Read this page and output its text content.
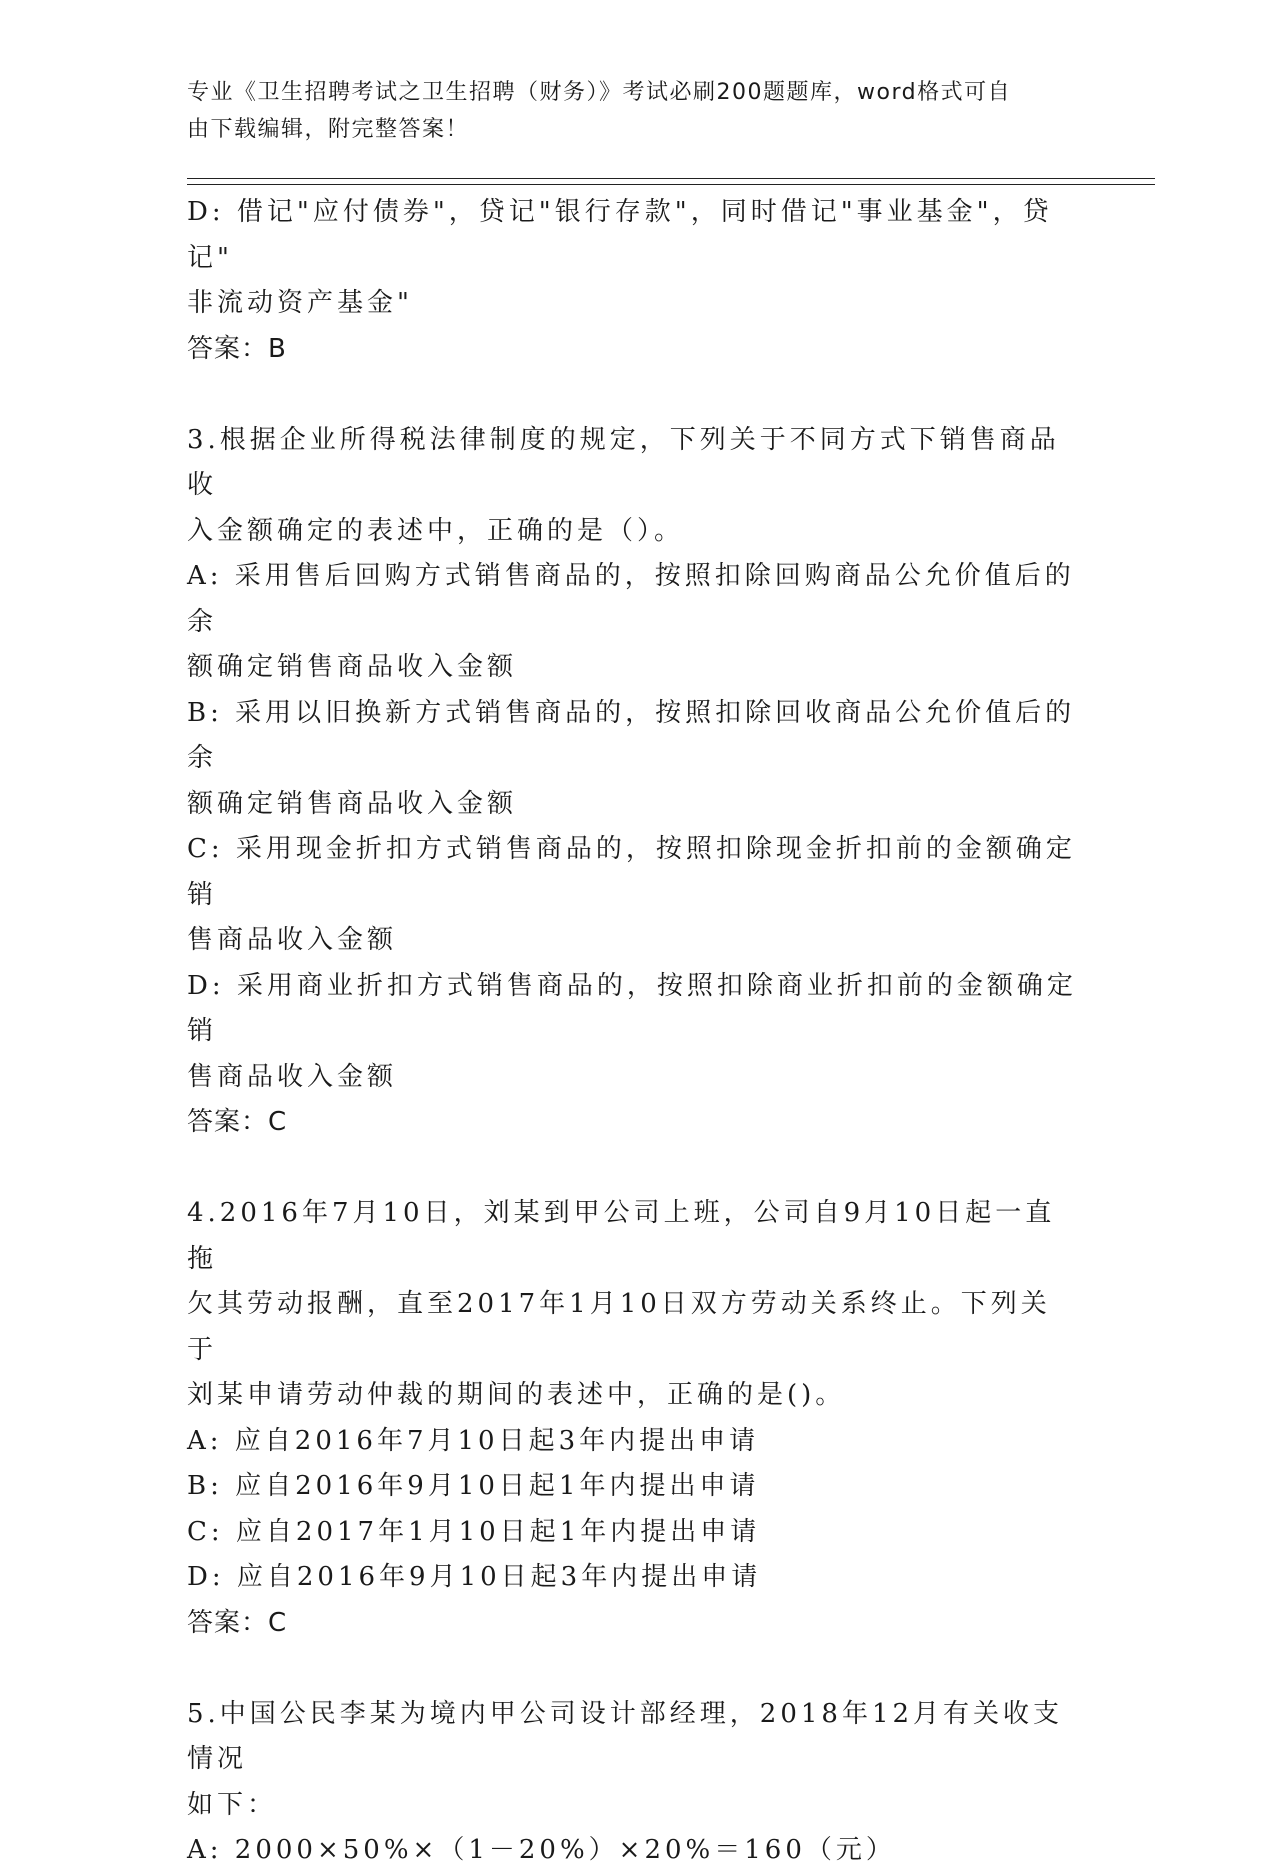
专业《卫生招聘考试之卫生招聘（财务）》考试必刷200题题库，word格式可自
由下载编辑，附完整答案！

D: 借记"应付债券"，贷记"银行存款"，同时借记"事业基金"，贷记"

非流动资产基金"

答案：B

3.根据企业所得税法律制度的规定，下列关于不同方式下销售商品收

入金额确定的表述中，正确的是（）。

A: 采用售后回购方式销售商品的，按照扣除回购商品公允价值后的余

额确定销售商品收入金额

B: 采用以旧换新方式销售商品的，按照扣除回收商品公允价值后的余

额确定销售商品收入金额

C: 采用现金折扣方式销售商品的，按照扣除现金折扣前的金额确定销

售商品收入金额

D: 采用商业折扣方式销售商品的，按照扣除商业折扣前的金额确定销

售商品收入金额

答案：C

4.2016年7月10日，刘某到甲公司上班，公司自9月10日起一直拖

欠其劳动报酬，直至2017年1月10日双方劳动关系终止。下列关于

刘某申请劳动仲裁的期间的表述中，正确的是()。

A: 应自2016年7月10日起3年内提出申请

B: 应自2016年9月10日起1年内提出申请

C: 应自2017年1月10日起1年内提出申请

D: 应自2016年9月10日起3年内提出申请

答案：C

5.中国公民李某为境内甲公司设计部经理，2018年12月有关收支情况

如下：

A: 2000×50%×（1－20%）×20%＝160（元）
